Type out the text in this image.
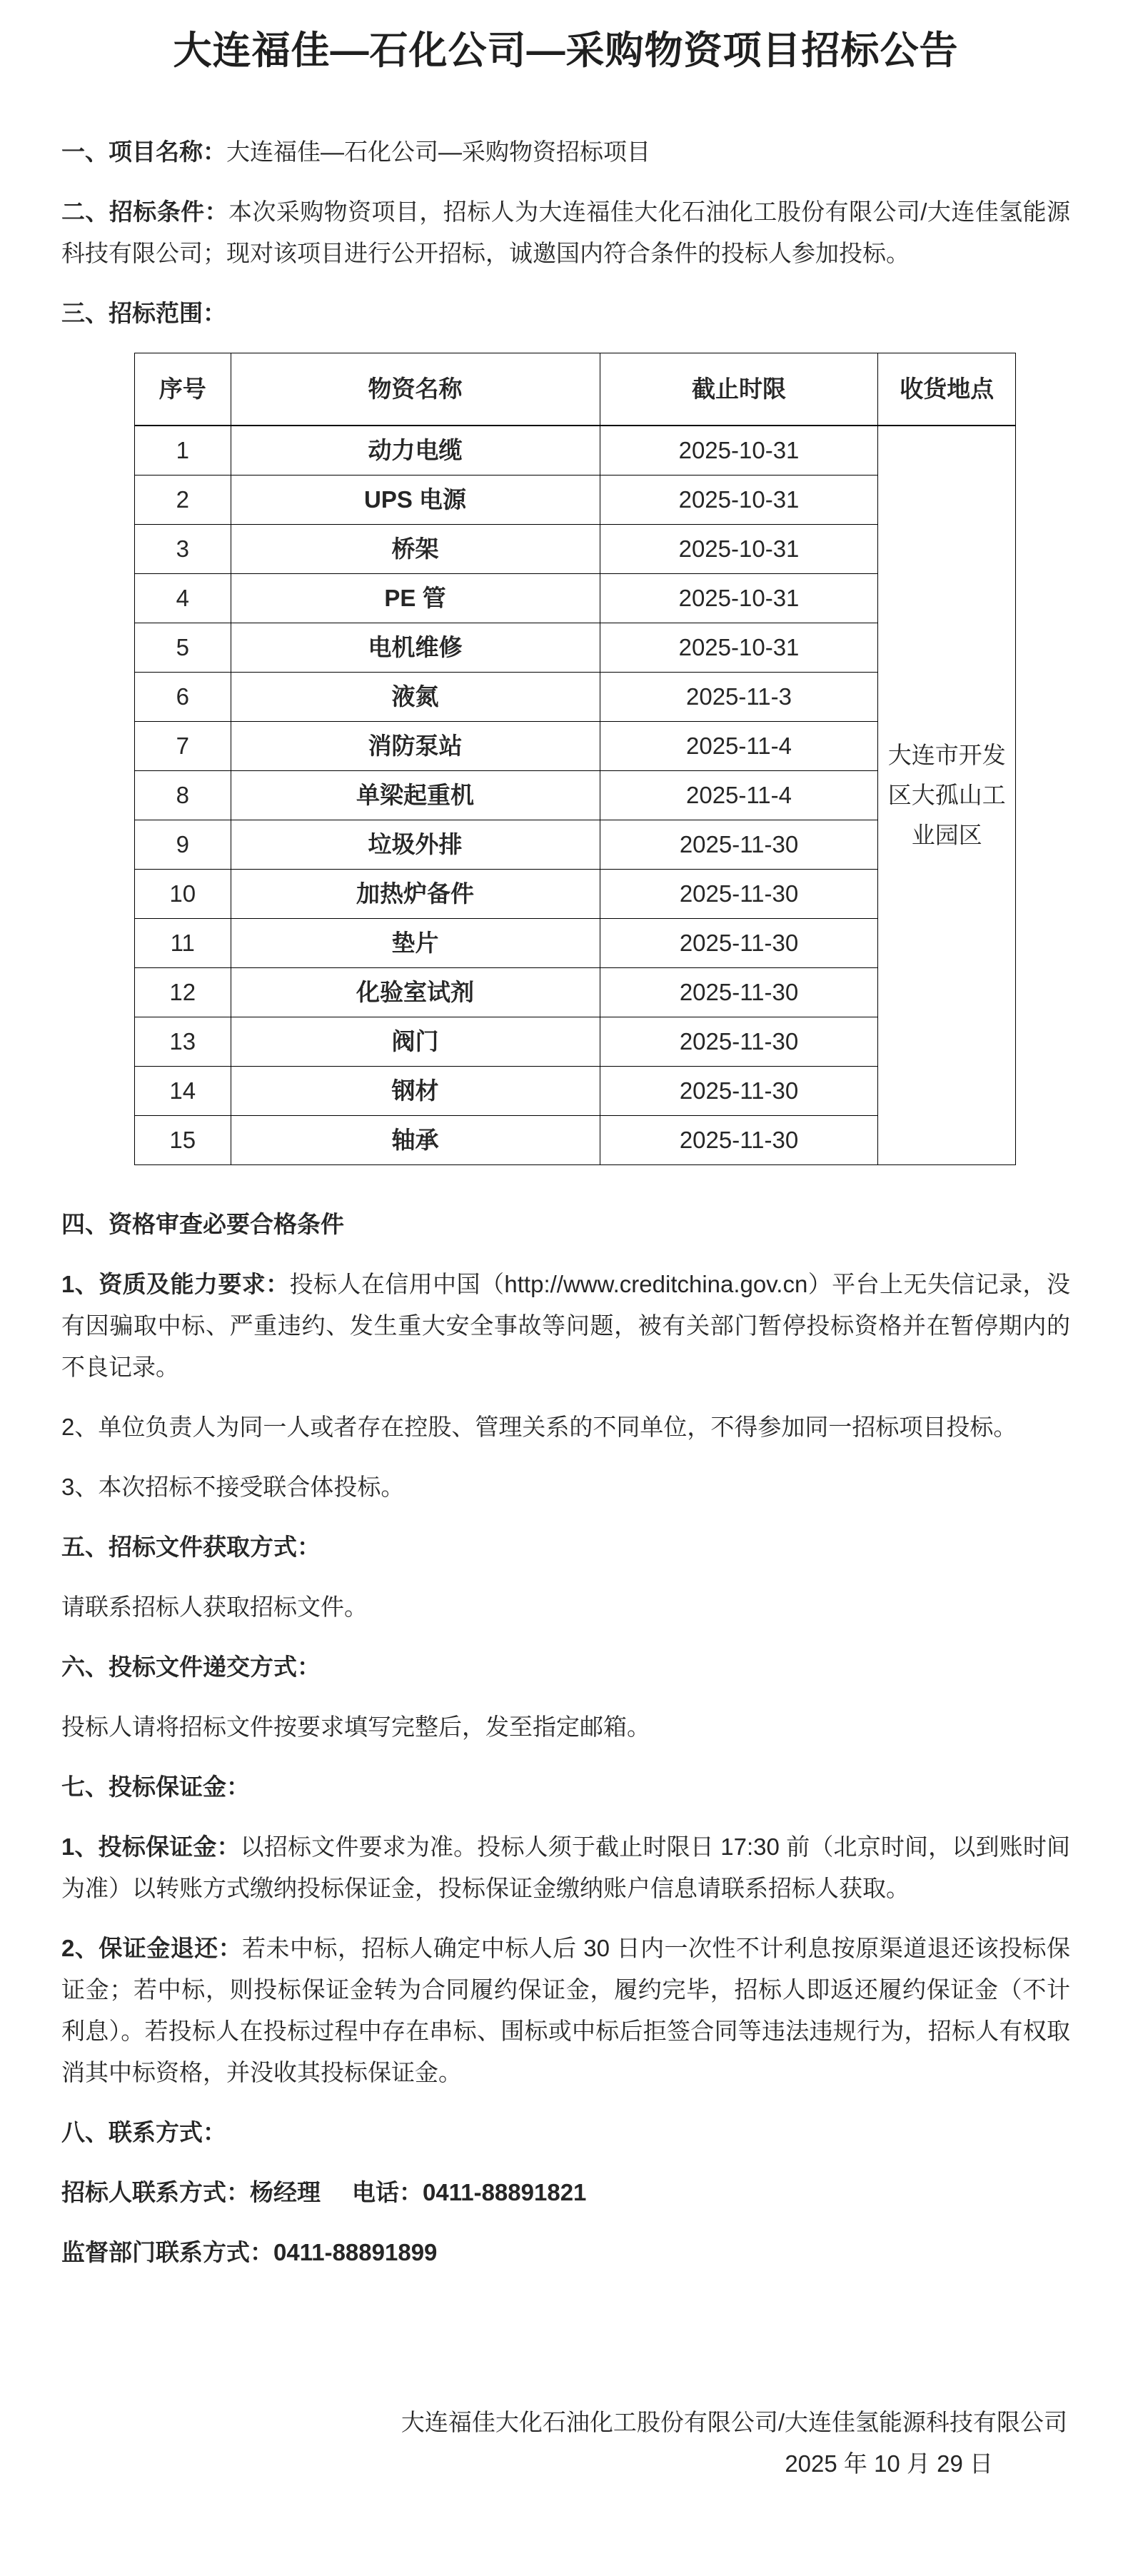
大连福佳—石化公司—采购物资项目招标公告

一、项目名称：大连福佳—石化公司—采购物资招标项目

二、招标条件：本次采购物资项目，招标人为大连福佳大化石油化工股份有限公司/大连佳氢能源科技有限公司；现对该项目进行公开招标，诚邀国内符合条件的投标人参加投标。

三、招标范围：

序号	物资名称	截止时限	收货地点
1	动力电缆	2025-10-31	大连市开发区大孤山工业园区
2	UPS 电源	2025-10-31	
3	桥架	2025-10-31	
4	PE 管	2025-10-31	
5	电机维修	2025-10-31	
6	液氮	2025-11-3	
7	消防泵站	2025-11-4	
8	单梁起重机	2025-11-4	
9	垃圾外排	2025-11-30	
10	加热炉备件	2025-11-30	
11	垫片	2025-11-30	
12	化验室试剂	2025-11-30	
13	阀门	2025-11-30	
14	钢材	2025-11-30	
15	轴承	2025-11-30	

四、资格审查必要合格条件

1、资质及能力要求：投标人在信用中国（http://www.creditchina.gov.cn）平台上无失信记录，没有因骗取中标、严重违约、发生重大安全事故等问题，被有关部门暂停投标资格并在暂停期内的不良记录。

2、单位负责人为同一人或者存在控股、管理关系的不同单位，不得参加同一招标项目投标。

3、本次招标不接受联合体投标。

五、招标文件获取方式：

请联系招标人获取招标文件。

六、投标文件递交方式：

投标人请将招标文件按要求填写完整后，发至指定邮箱。

七、投标保证金：

1、投标保证金：以招标文件要求为准。投标人须于截止时限日 17:30 前（北京时间，以到账时间为准）以转账方式缴纳投标保证金，投标保证金缴纳账户信息请联系招标人获取。

2、保证金退还：若未中标，招标人确定中标人后 30 日内一次性不计利息按原渠道退还该投标保证金；若中标，则投标保证金转为合同履约保证金，履约完毕，招标人即返还履约保证金（不计利息）。若投标人在投标过程中存在串标、围标或中标后拒签合同等违法违规行为，招标人有权取消其中标资格，并没收其投标保证金。

八、联系方式：

招标人联系方式：杨经理 电话：0411-88891821

监督部门联系方式：0411-88891899

大连福佳大化石油化工股份有限公司/大连佳氢能源科技有限公司

2025 年 10 月 29 日
